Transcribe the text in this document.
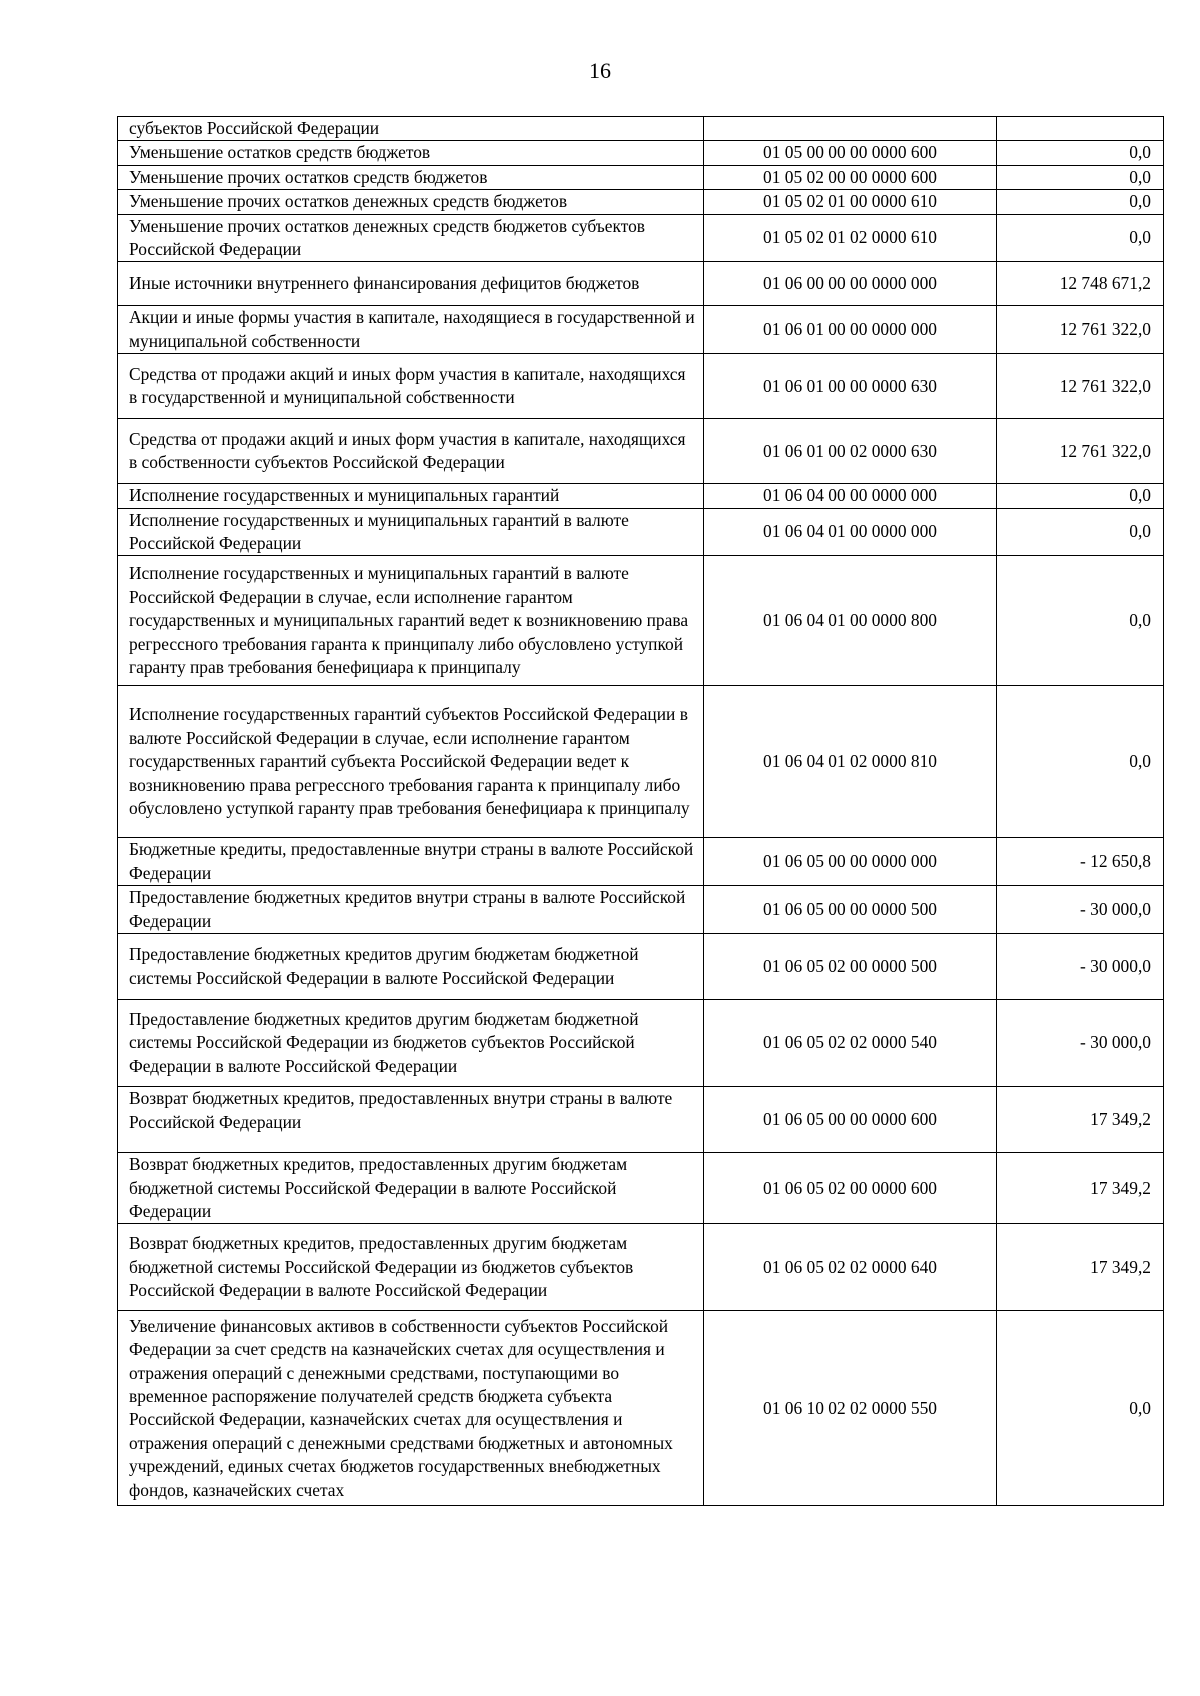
16
субъектов Российской Федерации		
Уменьшение остатков средств бюджетов	01 05 00 00 00 0000 600	0,0
Уменьшение прочих остатков средств бюджетов	01 05 02 00 00 0000 600	0,0
Уменьшение прочих остатков денежных средств бюджетов	01 05 02 01 00 0000 610	0,0
Уменьшение прочих остатков денежных средств бюджетов субъектов Российской Федерации	01 05 02 01 02 0000 610	0,0
Иные источники внутреннего финансирования дефицитов бюджетов	01 06 00 00 00 0000 000	12 748 671,2
Акции и иные формы участия в капитале, находящиеся в государственной и муниципальной собственности	01 06 01 00 00 0000 000	12 761 322,0
Средства от продажи акций и иных форм участия в капитале, находящихся в государственной и муниципальной собственности	01 06 01 00 00 0000 630	12 761 322,0
Средства от продажи акций и иных форм участия в капитале, находящихся в собственности субъектов Российской Федерации	01 06 01 00 02 0000 630	12 761 322,0
Исполнение государственных и муниципальных гарантий	01 06 04 00 00 0000 000	0,0
Исполнение государственных и муниципальных гарантий в валюте Российской Федерации	01 06 04 01 00 0000 000	0,0
Исполнение государственных и муниципальных гарантий в валюте Российской Федерации в случае, если исполнение гарантом государственных и муниципальных гарантий ведет к возникновению права регрессного требования гаранта к принципалу либо обусловлено уступкой гаранту прав требования бенефициара к принципалу	01 06 04 01 00 0000 800	0,0
Исполнение государственных гарантий субъектов Российской Федерации в валюте Российской Федерации в случае, если исполнение гарантом государственных гарантий субъекта Российской Федерации ведет к возникновению права регрессного требования гаранта к принципалу либо обусловлено уступкой гаранту прав требования бенефициара к принципалу	01 06 04 01 02 0000 810	0,0
Бюджетные кредиты, предоставленные внутри страны в валюте Российской Федерации	01 06 05 00 00 0000 000	- 12 650,8
Предоставление бюджетных кредитов внутри страны в валюте Российской Федерации	01 06 05 00 00 0000 500	- 30 000,0
Предоставление бюджетных кредитов другим бюджетам бюджетной системы Российской Федерации в валюте Российской Федерации	01 06 05 02 00 0000 500	- 30 000,0
Предоставление бюджетных кредитов другим бюджетам бюджетной системы Российской Федерации из бюджетов субъектов Российской Федерации в валюте Российской Федерации	01 06 05 02 02 0000 540	- 30 000,0
Возврат бюджетных кредитов, предоставленных внутри страны в валюте Российской Федерации	01 06 05 00 00 0000 600	17 349,2
Возврат бюджетных кредитов, предоставленных другим бюджетам бюджетной системы Российской Федерации в валюте Российской Федерации	01 06 05 02 00 0000 600	17 349,2
Возврат бюджетных кредитов, предоставленных другим бюджетам бюджетной системы Российской Федерации из бюджетов субъектов Российской Федерации в валюте Российской Федерации	01 06 05 02 02 0000 640	17 349,2
Увеличение финансовых активов в собственности субъектов Российской Федерации за счет средств на казначейских счетах для осуществления и отражения операций с денежными средствами, поступающими во временное распоряжение получателей средств бюджета субъекта Российской Федерации, казначейских счетах для осуществления и отражения операций с денежными средствами бюджетных и автономных учреждений, единых счетах бюджетов государственных внебюджетных фондов, казначейских счетах	01 06 10 02 02 0000 550	0,0
